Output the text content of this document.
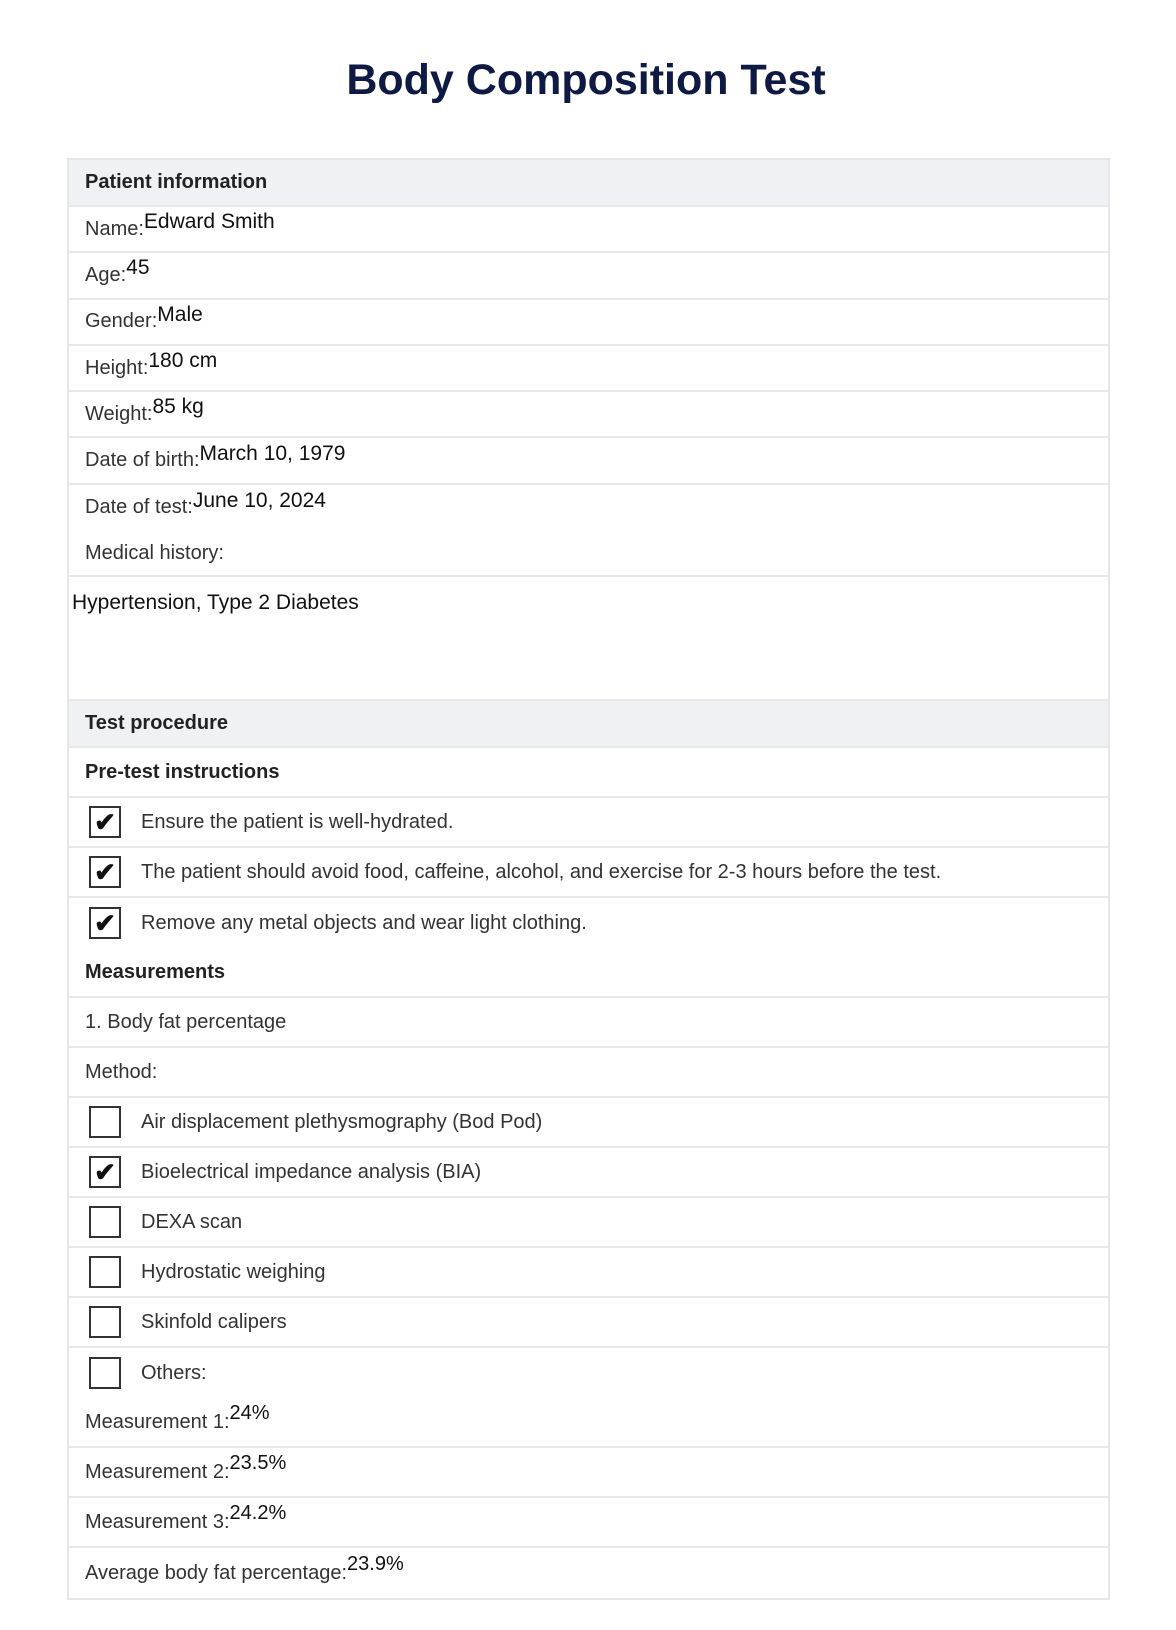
Body Composition Test
Patient information
Name: Edward Smith
Age: 45
Gender: Male
Height: 180 cm
Weight: 85 kg
Date of birth: March 10, 1979
Date of test: June 10, 2024
Medical history:
Hypertension, Type 2 Diabetes
Test procedure
Pre-test instructions
✔ Ensure the patient is well-hydrated.
✔ The patient should avoid food, caffeine, alcohol, and exercise for 2-3 hours before the test.
✔ Remove any metal objects and wear light clothing.
Measurements
1. Body fat percentage
Method:
Air displacement plethysmography (Bod Pod)
✔ Bioelectrical impedance analysis (BIA)
DEXA scan
Hydrostatic weighing
Skinfold calipers
Others:
Measurement 1: 24%
Measurement 2: 23.5%
Measurement 3: 24.2%
Average body fat percentage: 23.9%
